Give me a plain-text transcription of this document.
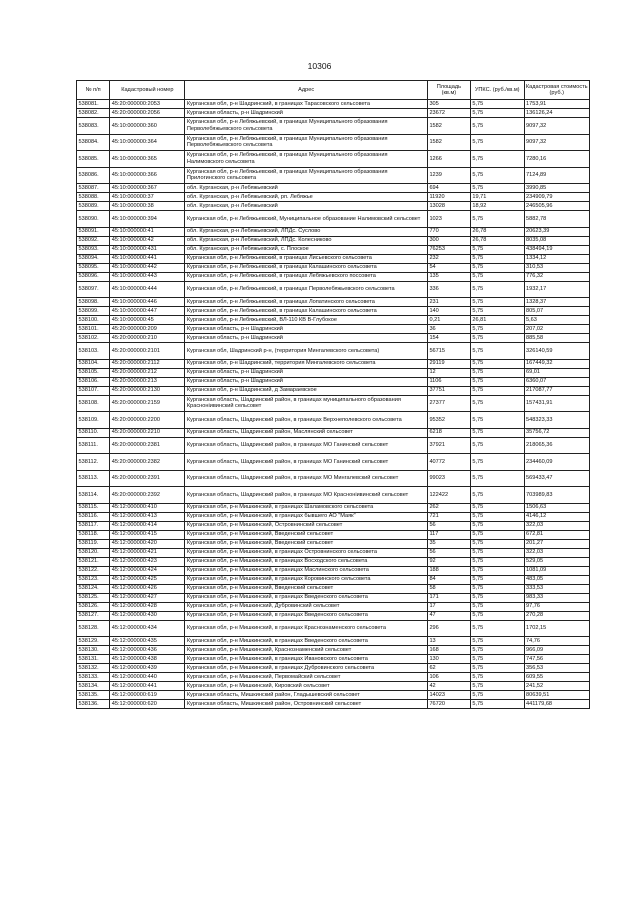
10306
№ п/п	Кадастровый номер	Адрес	Площадь (кв.м)	УПКС. (руб./кв.м)	Кадастровая стоимость (руб.)
538081.	45:20:000000:2053	Курганская обл, р-н Шадринский, в границах Тарасовского сельсовета	305	5,75	1753,91
538082.	45:20:000000:2056	Курганская область, р-н Шадринский	23672	5,75	136126,24
538083.	45:10:000000:360	Курганская обл, р-н Лебяжьевский, в границах Муниципального образования Перволебяжьевского сельсовета	1582	5,75	9097,32
538084.	45:10:000000:364	Курганская обл, р-н Лебяжьевский, в границах Муниципального образования Перволебяжьевского сельсовета	1582	5,75	9097,32
538085.	45:10:000000:365	Курганская обл, р-н Лебяжьевский, в границах Муниципального образования Налимовского сельсовета	1266	5,75	7280,16
538086.	45:10:000000:366	Курганская обл, р-н Лебяжьевский, в границах Муниципального образования Прилогинского сельсовета	1239	5,75	7124,89
538087.	45:10:000000:367	обл. Курганская, р-н Лебяжьевский	694	5,75	3990,85
538088.	45:10:000000:37	обл. Курганская, р-н Лебяжьевский, рп. Лебяжье	11920	19,71	234909,79
538089.	45:10:000000:38	обл. Курганская, р-н Лебяжьевский	13028	18,92	246505,96
538090.	45:10:000000:394	Курганская обл, р-н Лебяжьевский, Муниципальное образование Налимовский сельсовет	1023	5,75	5882,78
538091.	45:10:000000:41	обл. Курганская, р-н Лебяжьевский, ЛПДс. Суслово	770	26,78	20623,39
538092.	45:10:000000:42	обл. Курганская, р-н Лебяжьевский, ЛПДс. Колесниково	300	26,78	8035,08
538093.	45:10:000000:431	обл. Курганская, р-н Лебяжьевский, с. Плоское	76253	5,75	438494,19
538094.	45:10:000000:441	Курганская обл, р-н Лебяжьевский, в границах Лисьевского сельсовета	232	5,75	1334,12
538095.	45:10:000000:442	Курганская обл, р-н Лебяжьевский, в границах Калашинского сельсовета	54	5,75	310,53
538096.	45:10:000000:443	Курганская обл, р-н Лебяжьевский, в границах Лебяжьевского поссовета	135	5,75	776,32
538097.	45:10:000000:444	Курганская обл, р-н Лебяжьевский, в границах Перволебяжьевского сельсовета	336	5,75	1932,17
538098.	45:10:000000:446	Курганская обл, р-н Лебяжьевский, в границах Лопатинского сельсовета	231	5,75	1328,37
538099.	45:10:000000:447	Курганская обл, р-н Лебяжьевский, в границах Калашинского сельсовета	140	5,75	805,07
538100.	45:10:000000:45	Курганская обл, р-н Лебяжьевский, ВЛ-110 КВ В-Глубокое	0,21	26,81	5,63
538101.	45:20:000000:209	Курганская область, р-н Шадринский	36	5,75	207,02
538102.	45:20:000000:210	Курганская область, р-н Шадринский	154	5,75	885,58
538103.	45:20:000000:2101	Курганская обл, Шадринский р-н, (территория Мингалевского сельсовета)	56715	5,75	326140,59
538104.	45:20:000000:2112	Курганская обл, р-н Шадринский, территория Мингалевского сельсовета	29119	5,75	167449,32
538105.	45:20:000000:212	Курганская область, р-н Шадринский	12	5,75	69,01
538106.	45:20:000000:213	Курганская область, р-н Шадринский	1106	5,75	6360,07
538107.	45:20:000000:2130	Курганская обл, р-н Шадринский, д Замараевское	37751	5,75	217087,77
538108.	45:20:000000:2159	Курганская область, Шадринский район, в границах муниципального образования Красноніивинский сельсовет	27377	5,75	157431,91
538109.	45:20:000000:2200	Курганская область, Шадринский район, в границах Верхнеполевского сельсовета	95352	5,75	548323,33
538110.	45:20:000000:2210	Курганская область, Шадринский район, Маслянский сельсовет	6218	5,75	35756,72
538111.	45:20:000000:2381	Курганская область, Шадринский район, в границах МО Ганинский сельсовет	37921	5,75	218065,36
538112.	45:20:000000:2382	Курганская область, Шадринский район, в границах МО Ганинский сельсовет	40772	5,75	234460,09
538113.	45:20:000000:2391	Курганская область, Шадринский район, в границах МО Мингалевский сельсовет	99023	5,75	569433,47
538114.	45:20:000000:2392	Курганская область, Шадринский район, в границах МО Красноніивинский сельсовет	122422	5,75	703989,83
538115.	45:12:000000:410	Курганская обл, р-н Мишкинский, в границах Шаламовского сельсовета	262	5,75	1506,63
538116.	45:12:000000:413	Курганская обл, р-н Мишкинский, в границах бывшего АО "Маяк"	721	5,75	4146,12
538117.	45:12:000000:414	Курганская обл, р-н Мишкинский, Островнинский сельсовет	56	5,75	322,03
538118.	45:12:000000:415	Курганская обл, р-н Мишкинский, Введенский сельсовет	117	5,75	672,81
538119.	45:12:000000:420	Курганская обл, р-н Мишкинский, Введенский сельсовет	35	5,75	201,27
538120.	45:12:000000:421	Курганская обл, р-н Мишкинский, в границах Островнинского сельсовета	56	5,75	322,03
538121.	45:12:000000:423	Курганская обл, р-н Мишкинский, в границах Восходского сельсовета	92	5,75	529,05
538122.	45:12:000000:424	Курганская обл, р-н Мишкинский, в границах Маслинского сельсовета	188	5,75	1081,09
538123.	45:12:000000:425	Курганская обл, р-н Мишкинский, в границах Коровинского сельсовета	84	5,75	483,05
538124.	45:12:000000:426	Курганская обл, р-н Мишкинский, Введенский сельсовет	58	5,75	333,53
538125.	45:12:000000:427	Курганская обл, р-н Мишкинский, в границах Введенского сельсовета	171	5,75	983,33
538126.	45:12:000000:428	Курганская обл, р-н Мишкинский, Дубровинский сельсовет	17	5,75	97,76
538127.	45:12:000000:430	Курганская обл, р-н Мишкинский, в границах Введенского сельсовета	47	5,75	270,28
538128.	45:12:000000:434	Курганская обл, р-н Мишкинский, в границах Краснознаменского сельсовета	296	5,75	1702,15
538129.	45:12:000000:435	Курганская обл, р-н Мишкинский, в границах Введенского сельсовета	13	5,75	74,76
538130.	45:12:000000:436	Курганская обл, р-н Мишкинский, Краснознаменский сельсовет	168	5,75	966,09
538131.	45:12:000000:438	Курганская обл, р-н Мишкинский, в границах Ивановского сельсовета	130	5,75	747,56
538132.	45:12:000000:439	Курганская обл, р-н Мишкинский, в границах Дубровинского сельсовета	62	5,75	356,53
538133.	45:12:000000:440	Курганская обл, р-н Мишкинский, Первомайский сельсовет	106	5,75	609,55
538134.	45:12:000000:441	Курганская обл, р-н Мишкинский, Кировский сельсовет	42	5,75	241,52
538135.	45:12:000000:619	Курганская область, Мишкинский район, Гладышевский сельсовет	14023	5,75	80639,51
538136.	45:12:000000:620	Курганская область, Мишкинский район, Островнинский сельсовет	76720	5,75	441179,68
